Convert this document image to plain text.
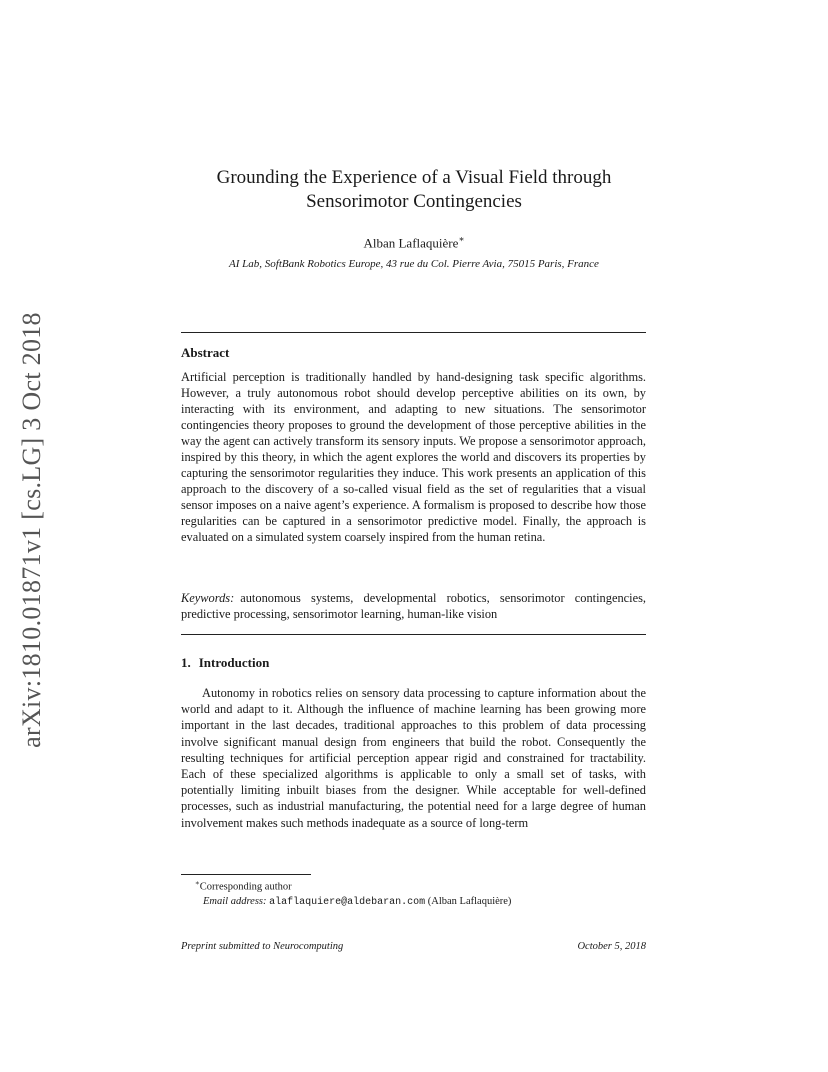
arXiv:1810.01871v1 [cs.LG] 3 Oct 2018
Grounding the Experience of a Visual Field through
Sensorimotor Contingencies
Alban Laflaquière∗
AI Lab, SoftBank Robotics Europe, 43 rue du Col. Pierre Avia, 75015 Paris, France
Abstract
Artificial perception is traditionally handled by hand-designing task specific algorithms. However, a truly autonomous robot should develop perceptive abilities on its own, by interacting with its environment, and adapting to new situations. The sensorimotor contingencies theory proposes to ground the development of those perceptive abilities in the way the agent can actively transform its sensory inputs. We propose a sensorimotor approach, inspired by this theory, in which the agent explores the world and discovers its properties by capturing the sensorimotor regularities they induce. This work presents an application of this approach to the discovery of a so-called visual field as the set of regularities that a visual sensor imposes on a naive agent’s experience. A formalism is proposed to describe how those regularities can be captured in a sensorimotor predictive model. Finally, the approach is evaluated on a simulated system coarsely inspired from the human retina.
Keywords: autonomous systems, developmental robotics, sensorimotor contingencies, predictive processing, sensorimotor learning, human-like vision
1. Introduction
Autonomy in robotics relies on sensory data processing to capture information about the world and adapt to it. Although the influence of machine learning has been growing more important in the last decades, traditional approaches to this problem of data processing involve significant manual design from engineers that build the robot. Consequently the resulting techniques for artificial perception appear rigid and constrained for tractability. Each of these specialized algorithms is applicable to only a small set of tasks, with potentially limiting inbuilt biases from the designer. While acceptable for well-defined processes, such as industrial manufacturing, the potential need for a large degree of human involvement makes such methods inadequate as a source of long-term
∗Corresponding author
Email address: alaflaquiere@aldebaran.com (Alban Laflaquière)
Preprint submitted to Neurocomputing	October 5, 2018
